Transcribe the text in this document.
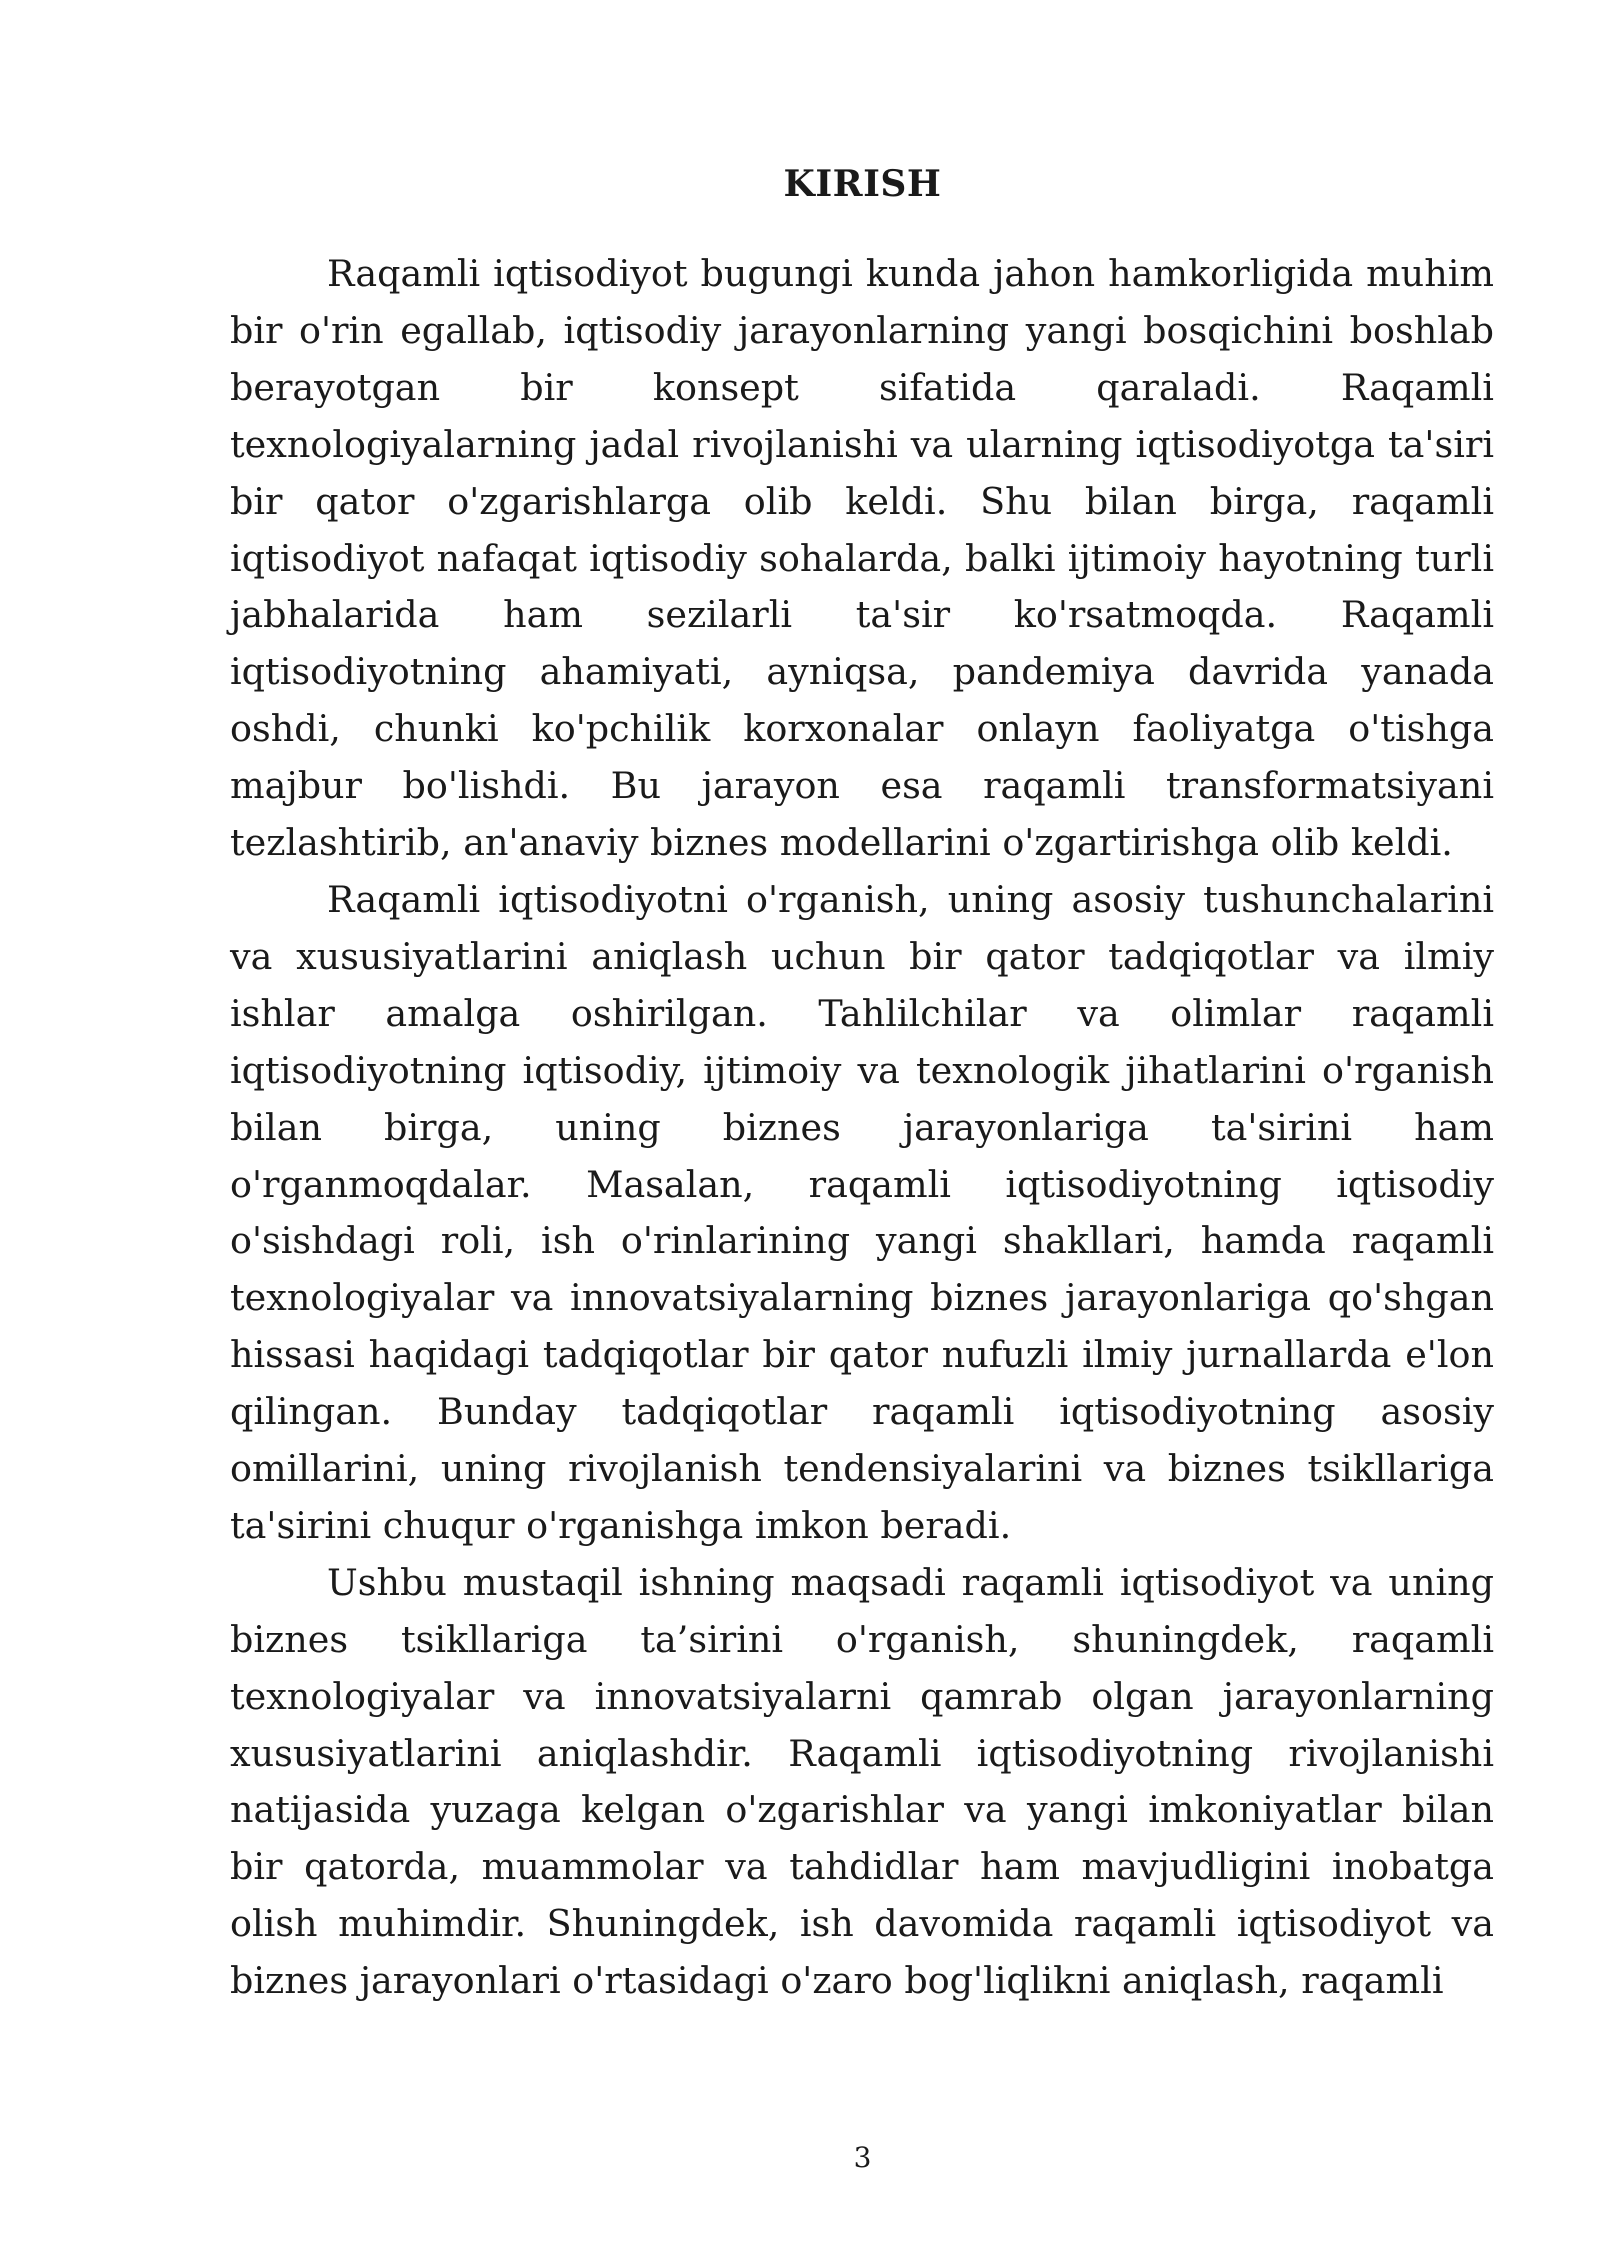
KIRISH

Raqamli iqtisodiyot bugungi kunda jahon hamkorligida muhim bir o'rin egallab, iqtisodiy jarayonlarning yangi bosqichini boshlab berayotgan bir konsept sifatida qaraladi. Raqamli texnologiyalarning jadal rivojlanishi va ularning iqtisodiyotga ta'siri bir qator o'zgarishlarga olib keldi. Shu bilan birga, raqamli iqtisodiyot nafaqat iqtisodiy sohalarda, balki ijtimoiy hayotning turli jabhalarida ham sezilarli ta'sir ko'rsatmoqda. Raqamli iqtisodiyotning ahamiyati, ayniqsa, pandemiya davrida yanada oshdi, chunki ko'pchilik korxonalar onlayn faoliyatga o'tishga majbur bo'lishdi. Bu jarayon esa raqamli transformatsiyani tezlashtirib, an'anaviy biznes modellarini o'zgartirishga olib keldi.

Raqamli iqtisodiyotni o'rganish, uning asosiy tushunchalarini va xususiyatlarini aniqlash uchun bir qator tadqiqotlar va ilmiy ishlar amalga oshirilgan. Tahlilchilar va olimlar raqamli iqtisodiyotning iqtisodiy, ijtimoiy va texnologik jihatlarini o'rganish bilan birga, uning biznes jarayonlariga ta'sirini ham o'rganmoqdalar. Masalan, raqamli iqtisodiyotning iqtisodiy o'sishdagi roli, ish o'rinlarining yangi shakllari, hamda raqamli texnologiyalar va innovatsiyalarning biznes jarayonlariga qo'shgan hissasi haqidagi tadqiqotlar bir qator nufuzli ilmiy jurnallarda e'lon qilingan. Bunday tadqiqotlar raqamli iqtisodiyotning asosiy omillarini, uning rivojlanish tendensiyalarini va biznes tsikllariga ta'sirini chuqur o'rganishga imkon beradi.

Ushbu mustaqil ishning maqsadi raqamli iqtisodiyot va uning biznes tsikllariga ta’sirini o'rganish, shuningdek, raqamli texnologiyalar va innovatsiyalarni qamrab olgan jarayonlarning xususiyatlarini aniqlashdir. Raqamli iqtisodiyotning rivojlanishi natijasida yuzaga kelgan o'zgarishlar va yangi imkoniyatlar bilan bir qatorda, muammolar va tahdidlar ham mavjudligini inobatga olish muhimdir. Shuningdek, ish davomida raqamli iqtisodiyot va biznes jarayonlari o'rtasidagi o'zaro bog'liqlikni aniqlash, raqamli

3
